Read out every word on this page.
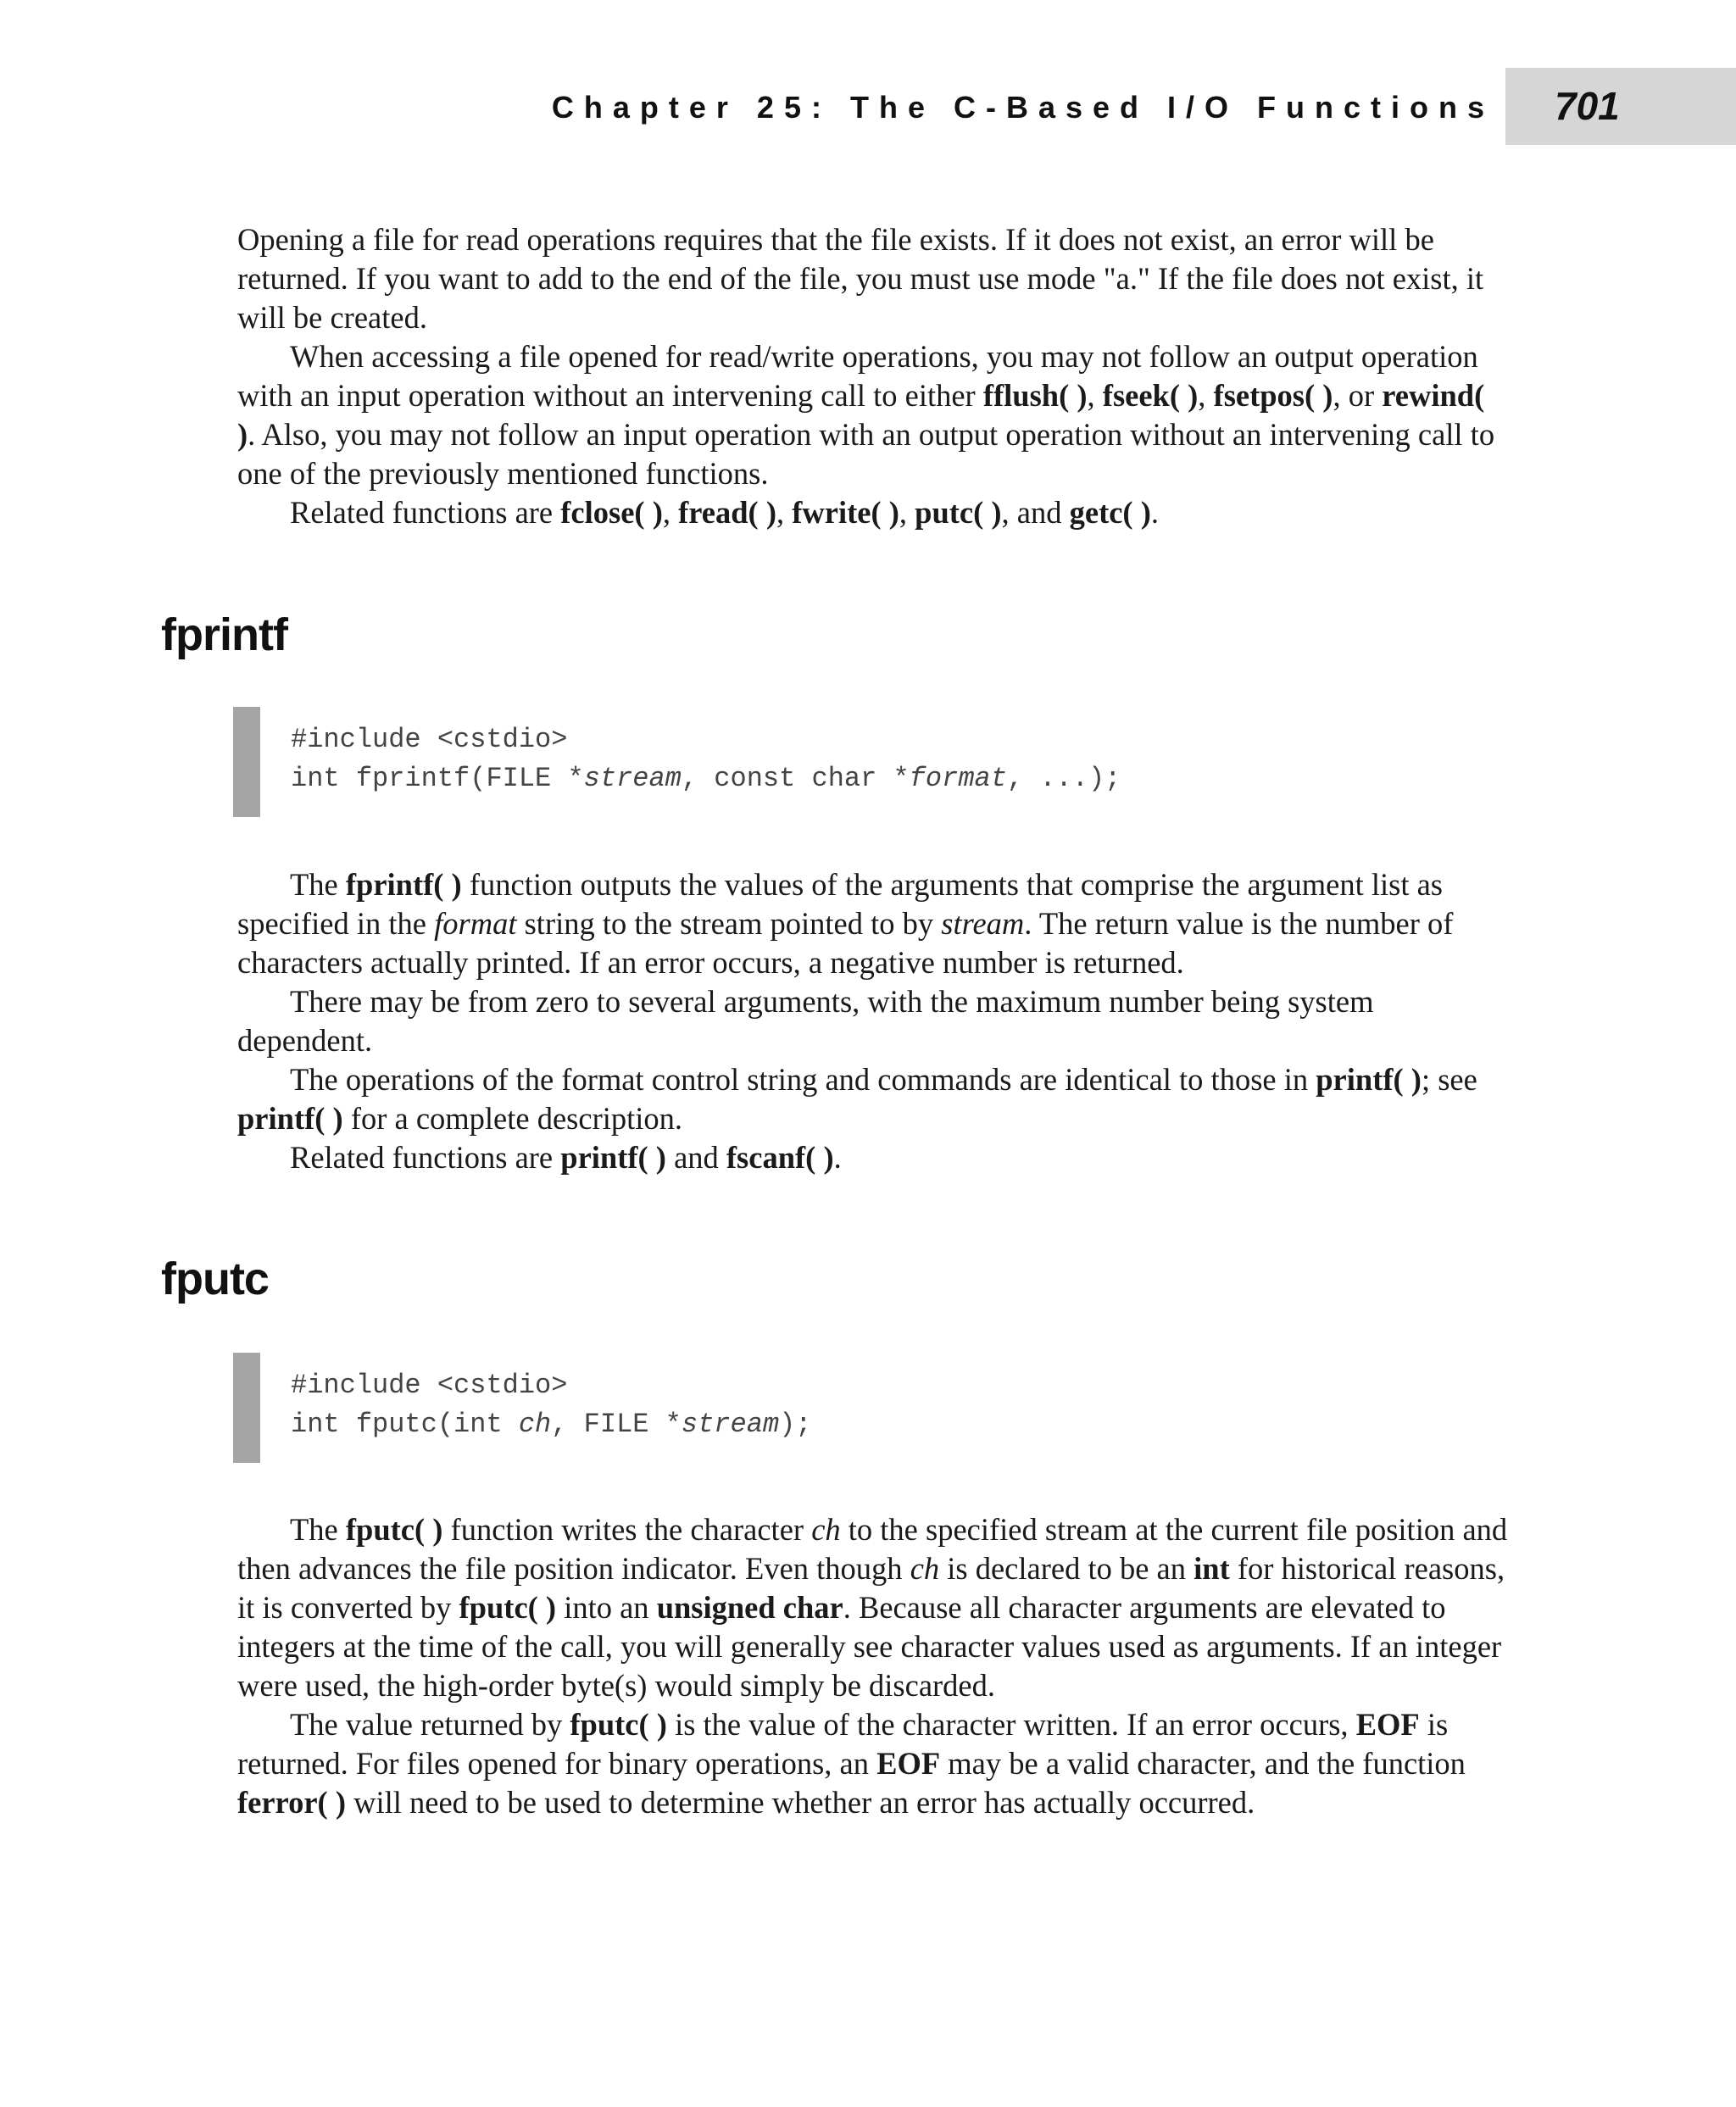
Chapter 25: The C-Based I/O Functions 701

Opening a file for read operations requires that the file exists. If it does not exist, an error will be returned. If you want to add to the end of the file, you must use mode "a." If the file does not exist, it will be created.

When accessing a file opened for read/write operations, you may not follow an output operation with an input operation without an intervening call to either fflush( ), fseek( ), fsetpos( ), or rewind( ). Also, you may not follow an input operation with an output operation without an intervening call to one of the previously mentioned functions.

Related functions are fclose( ), fread( ), fwrite( ), putc( ), and getc( ).

fprintf
#include <cstdio>
int fprintf(FILE *stream, const char *format, ...);

The fprintf( ) function outputs the values of the arguments that comprise the argument list as specified in the format string to the stream pointed to by stream. The return value is the number of characters actually printed. If an error occurs, a negative number is returned.

There may be from zero to several arguments, with the maximum number being system dependent.

The operations of the format control string and commands are identical to those in printf( ); see printf( ) for a complete description.

Related functions are printf( ) and fscanf( ).

fputc
#include <cstdio>
int fputc(int ch, FILE *stream);

The fputc( ) function writes the character ch to the specified stream at the current file position and then advances the file position indicator. Even though ch is declared to be an int for historical reasons, it is converted by fputc( ) into an unsigned char. Because all character arguments are elevated to integers at the time of the call, you will generally see character values used as arguments. If an integer were used, the high-order byte(s) would simply be discarded.

The value returned by fputc( ) is the value of the character written. If an error occurs, EOF is returned. For files opened for binary operations, an EOF may be a valid character, and the function ferror( ) will need to be used to determine whether an error has actually occurred.
